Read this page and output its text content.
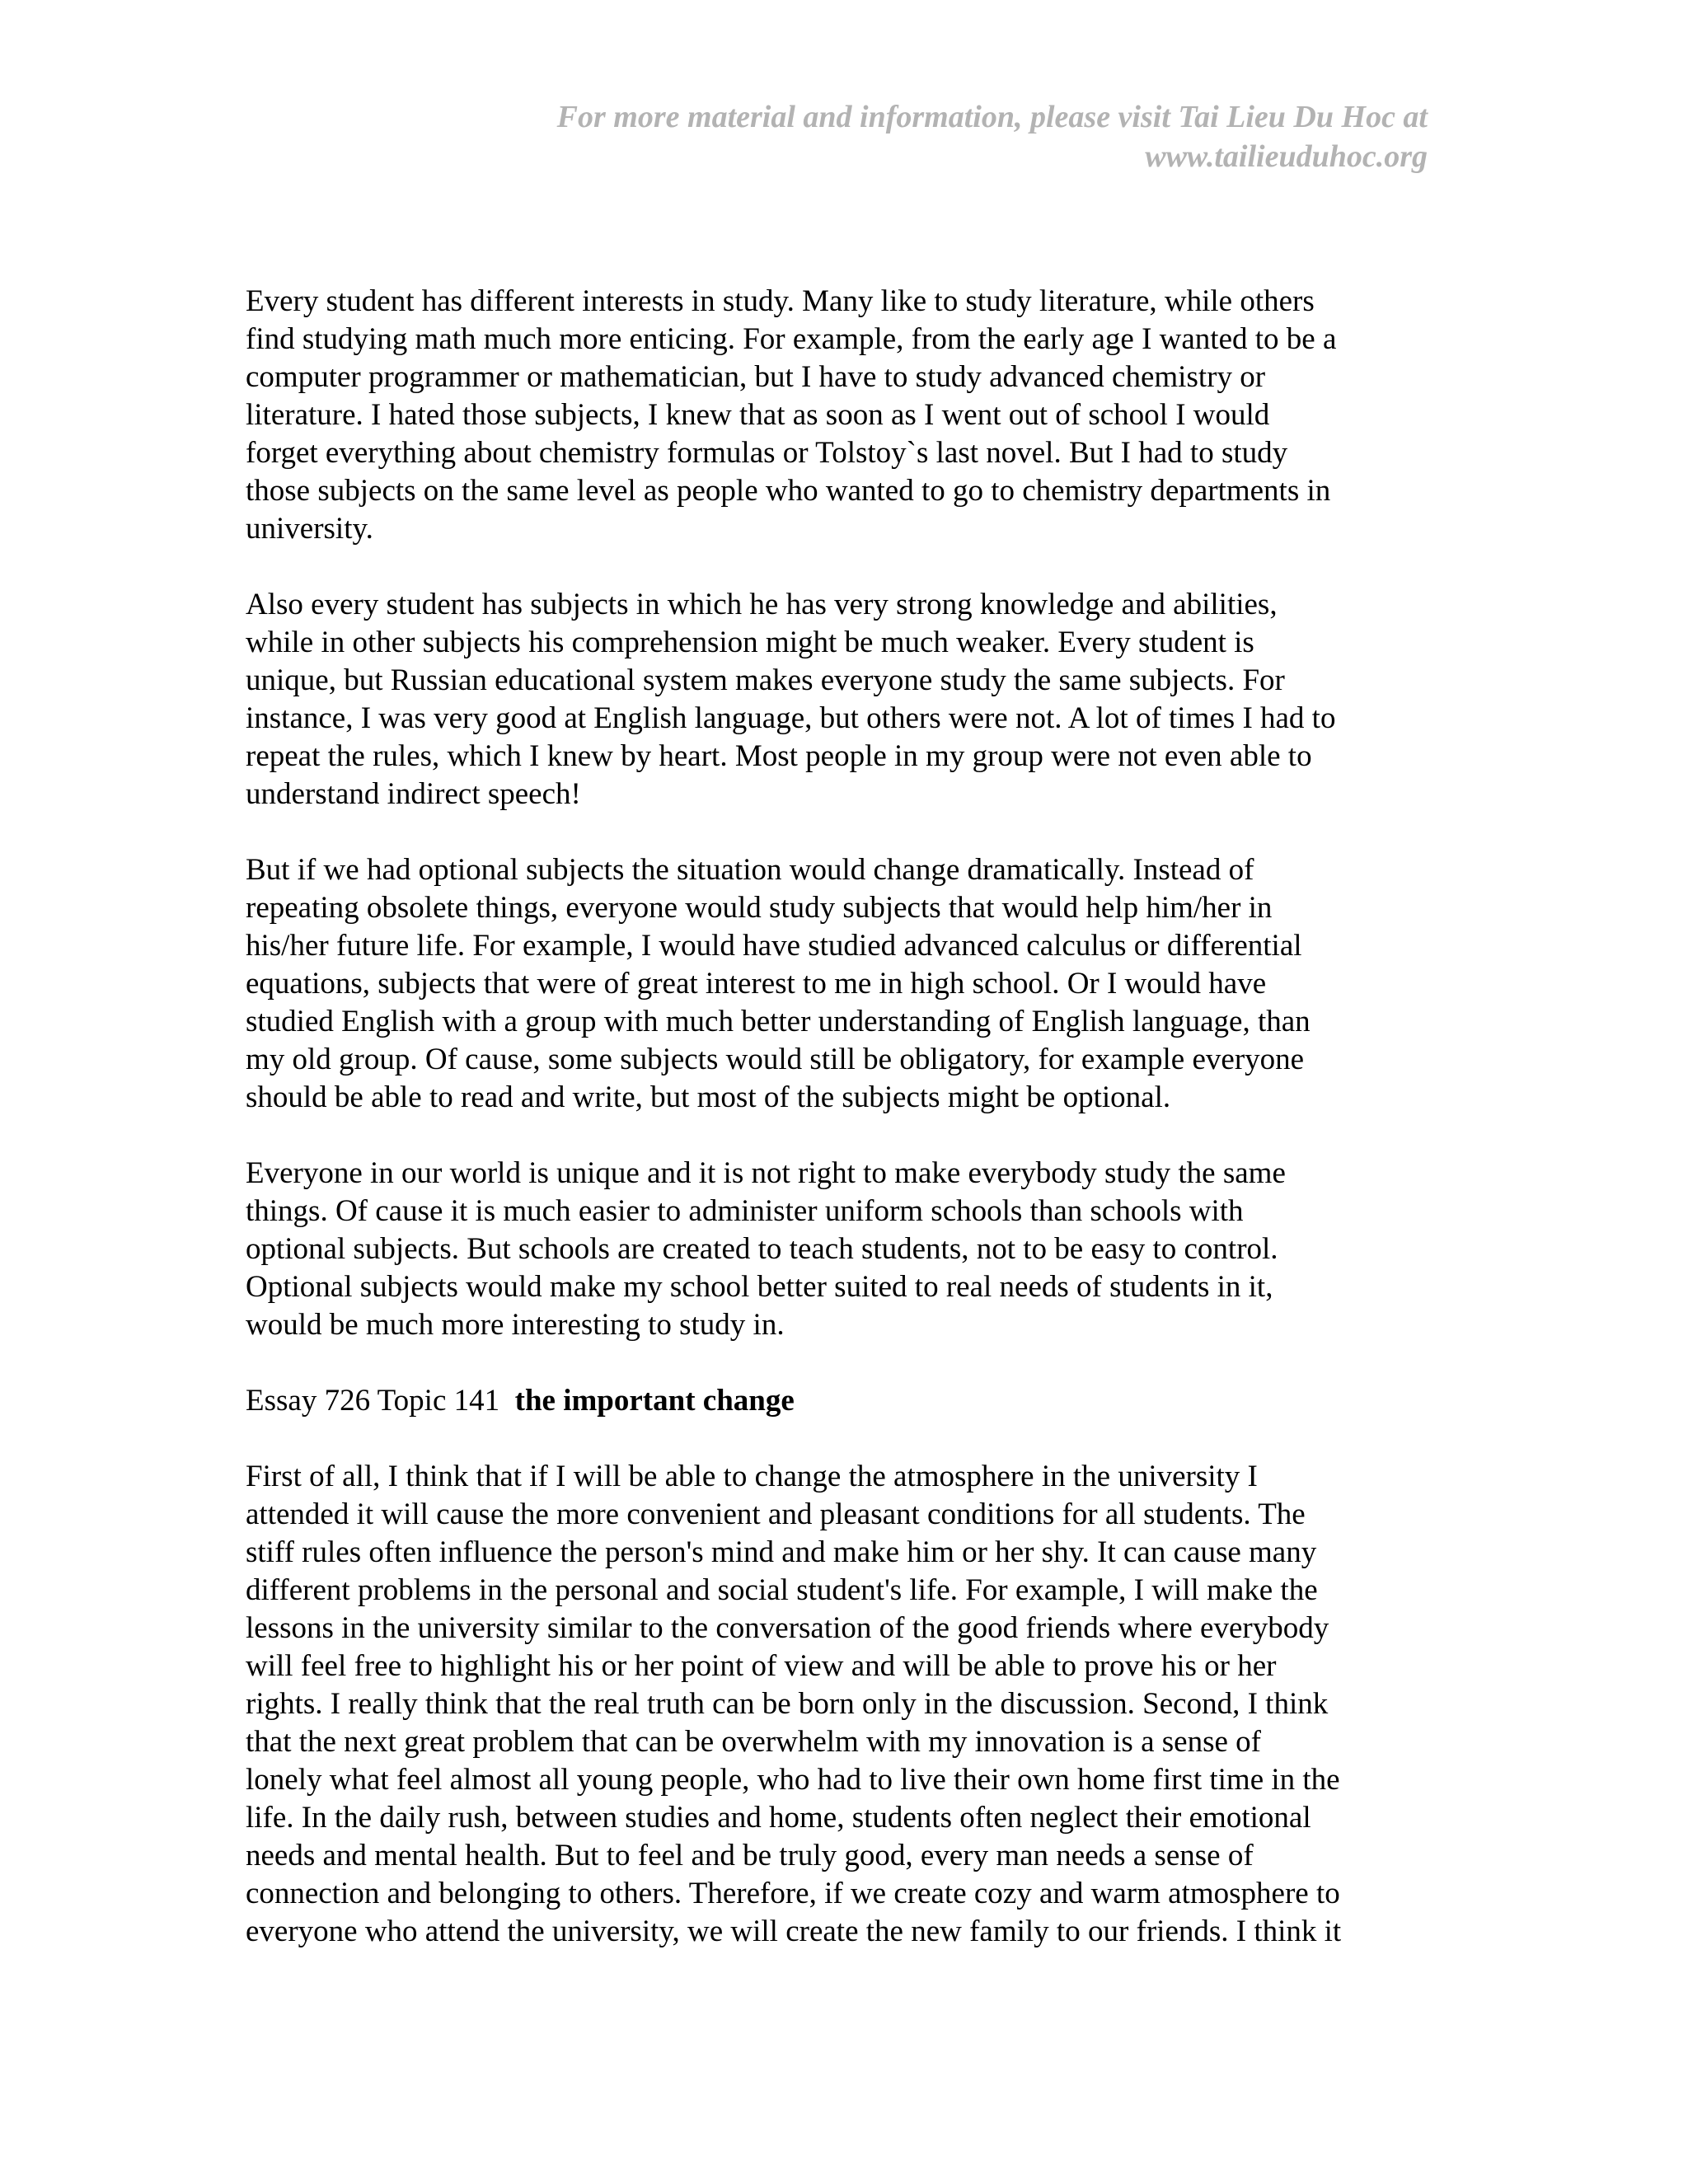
For more material and information, please visit Tai Lieu Du Hoc at
www.tailieuduhoc.org

Every student has different interests in study. Many like to study literature, while others
find studying math much more enticing. For example, from the early age I wanted to be a
computer programmer or mathematician, but I have to study advanced chemistry or
literature. I hated those subjects, I knew that as soon as I went out of school I would
forget everything about chemistry formulas or Tolstoy`s last novel. But I had to study
those subjects on the same level as people who wanted to go to chemistry departments in
university.

Also every student has subjects in which he has very strong knowledge and abilities,
while in other subjects his comprehension might be much weaker. Every student is
unique, but Russian educational system makes everyone study the same subjects. For
instance, I was very good at English language, but others were not. A lot of times I had to
repeat the rules, which I knew by heart. Most people in my group were not even able to
understand indirect speech!

But if we had optional subjects the situation would change dramatically. Instead of
repeating obsolete things, everyone would study subjects that would help him/her in
his/her future life. For example, I would have studied advanced calculus or differential
equations, subjects that were of great interest to me in high school. Or I would have
studied English with a group with much better understanding of English language, than
my old group. Of cause, some subjects would still be obligatory, for example everyone
should be able to read and write, but most of the subjects might be optional.

Everyone in our world is unique and it is not right to make everybody study the same
things. Of cause it is much easier to administer uniform schools than schools with
optional subjects. But schools are created to teach students, not to be easy to control.
Optional subjects would make my school better suited to real needs of students in it,
would be much more interesting to study in.

Essay 726 Topic 141 the important change

First of all, I think that if I will be able to change the atmosphere in the university I
attended it will cause the more convenient and pleasant conditions for all students. The
stiff rules often influence the person's mind and make him or her shy. It can cause many
different problems in the personal and social student's life. For example, I will make the
lessons in the university similar to the conversation of the good friends where everybody
will feel free to highlight his or her point of view and will be able to prove his or her
rights. I really think that the real truth can be born only in the discussion. Second, I think
that the next great problem that can be overwhelm with my innovation is a sense of
lonely what feel almost all young people, who had to live their own home first time in the
life. In the daily rush, between studies and home, students often neglect their emotional
needs and mental health. But to feel and be truly good, every man needs a sense of
connection and belonging to others. Therefore, if we create cozy and warm atmosphere to
everyone who attend the university, we will create the new family to our friends. I think it
